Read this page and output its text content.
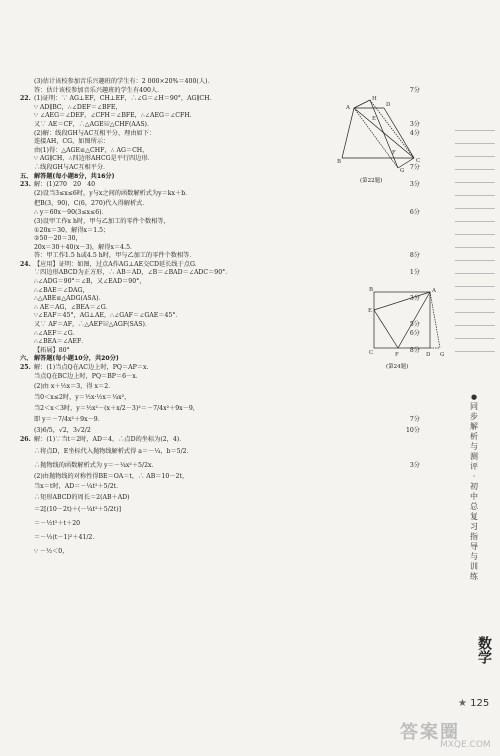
(3)估计该校参加音乐兴趣班的学生有：2 000×20%＝400(人)．
答：估计该校参加音乐兴趣班的学生有400人．	7分
22. (1)证明：∵ AG⊥EF，CH⊥EF，∴∠G＝∠H＝90°，AG∥CH．
∵ AD∥BC，∴∠DEF＝∠BFE，
∵ ∠AEG＝∠DEF，∠CFH＝∠BFE，∴∠AEG＝∠CFH．
又∵ AE＝CF，∴△AGE≌△CHF(AAS)．	3分
(2)解：线段GH与AC互相平分，理由如下：	4分
连接AH，CG，如图所示：
由(1)得：△AGE≌△CHF，∴ AG＝CH，
∵ AG∥CH，∴四边形AHCG是平行四边形．
∴线段GH与AC互相平分．	7分
五、 解答题(每小题8分，共16分)
23. 解：(1)270　20　40	3分
(2)设当3≤x≤6时，y与x之间的函数解析式为y＝kx＋b．
把B(3，90)，C(6，270)代入得解析式．
∴ y＝60x－90(3≤x≤6)．	6分
(3)设甲工作x h时，甲与乙加工的零件个数相等，
①20x＝30，解得x＝1.5；
②50－20＝30，
20x＝30＋40(x－3)，解得x＝4.5．
答：甲工作1.5 h或4.5 h时，甲与乙加工的零件个数相等．	8分
24. 【应用】证明：如图，过点A作AG⊥AE交CD延长线于点G．
∵四边形ABCD为正方形，∴ AB＝AD，∠B＝∠BAD＝∠ADC＝90°．	1分
∴∠ADG＝90°＝∠B，又∠EAD＝90°，
∴∠BAE＝∠DAG，
∴△ABE≌△ADG(ASA)．	3分
∴ AE＝AG，∠BEA＝∠G．
∵∠EAF＝45°，AG⊥AE，∴∠GAF＝∠GAE＝45°．
又∵ AF＝AF，∴△AEF≌△AGF(SAS)．	5分
∴∠AEF＝∠G．	6分
∴∠BEA＝∠AEF．
【拓展】80°	8分
六、 解答题(每小题10分，共20分)
25. 解：(1)当点Q在AC边上时，PQ＝AP＝x．
当点Q在BC边上时，PQ＝BP＝6－x．
(2)由 x＋½x＝3，得 x＝2．
当0＜x≤2时，y＝½x·½x＝¼x²，
当2＜x＜3时，y＝½x²－(x＋x/2－3)²＝－7/4x²＋9x－9，
即 y＝－7/4x²＋9x－9．	7分
(3)6/5，√2，3√2/2	10分
26. 解：(1)∵当t＝2时，AD＝4，∴点D的坐标为(2，4)．
∴将点D，E坐标代入抛物线解析式得 a＝－¼，b＝5/2．
∴抛物线的函数解析式为 y＝－¼x²＋5/2x．	3分
(2)由抛物线的对称性得BE＝OA＝t，∴ AB＝10－2t，
当x＝t时，AD＝－¼t²＋5/2t．
∴矩形ABCD的周长＝2(AB＋AD)
＝2[(10－2t)＋(－¼t²＋5/2t)]
＝－½t²＋t＋20
＝－½(t－1)²＋41/2．
∵ －½＜0，
A	D
B	C
H
G
E
F
(第22题)
A
B
C	D
E
F	G
(第24题)
●
同
步
解
析
与
测
评
·
初
中
总
复
习
指
导
与
训
练
数学
★ 125
答案圈
MXQE.COM
